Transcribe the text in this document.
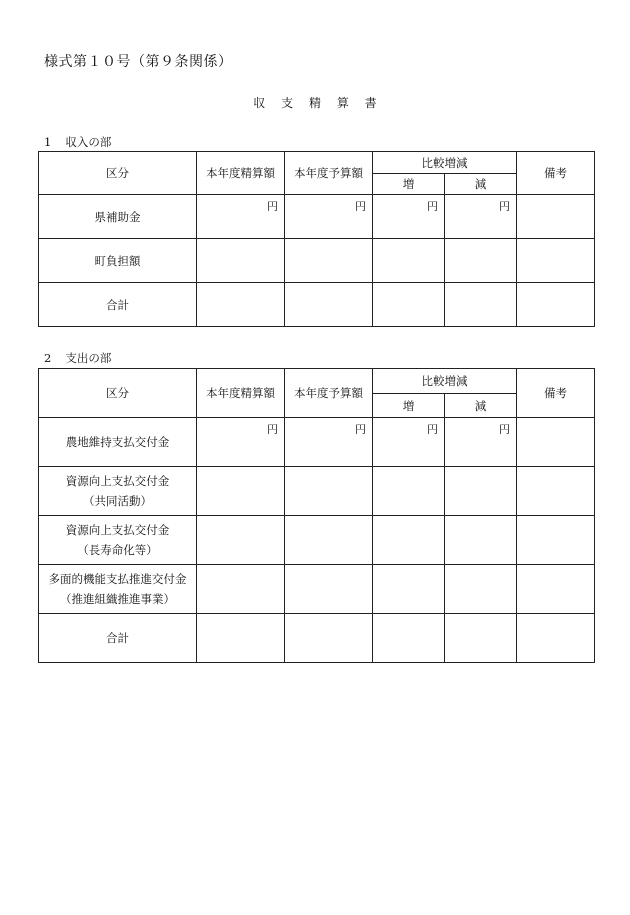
様式第１０号（第９条関係）
収 支 精 算 書
1 収入の部
区分	本年度精算額	本年度予算額	比較増減		備考
			増	減	
県補助金	円	円	円	円	
町負担額					
合計					
2 支出の部
区分	本年度精算額	本年度予算額	比較増減		備考
			増	減	

農地維持支払交付金	円	円	円	円	

資源向上支払交付金
（共同活動）					

資源向上支払交付金
（長寿命化等）					

多面的機能支払推進交付金
（推進組織推進事業）					

合計					
